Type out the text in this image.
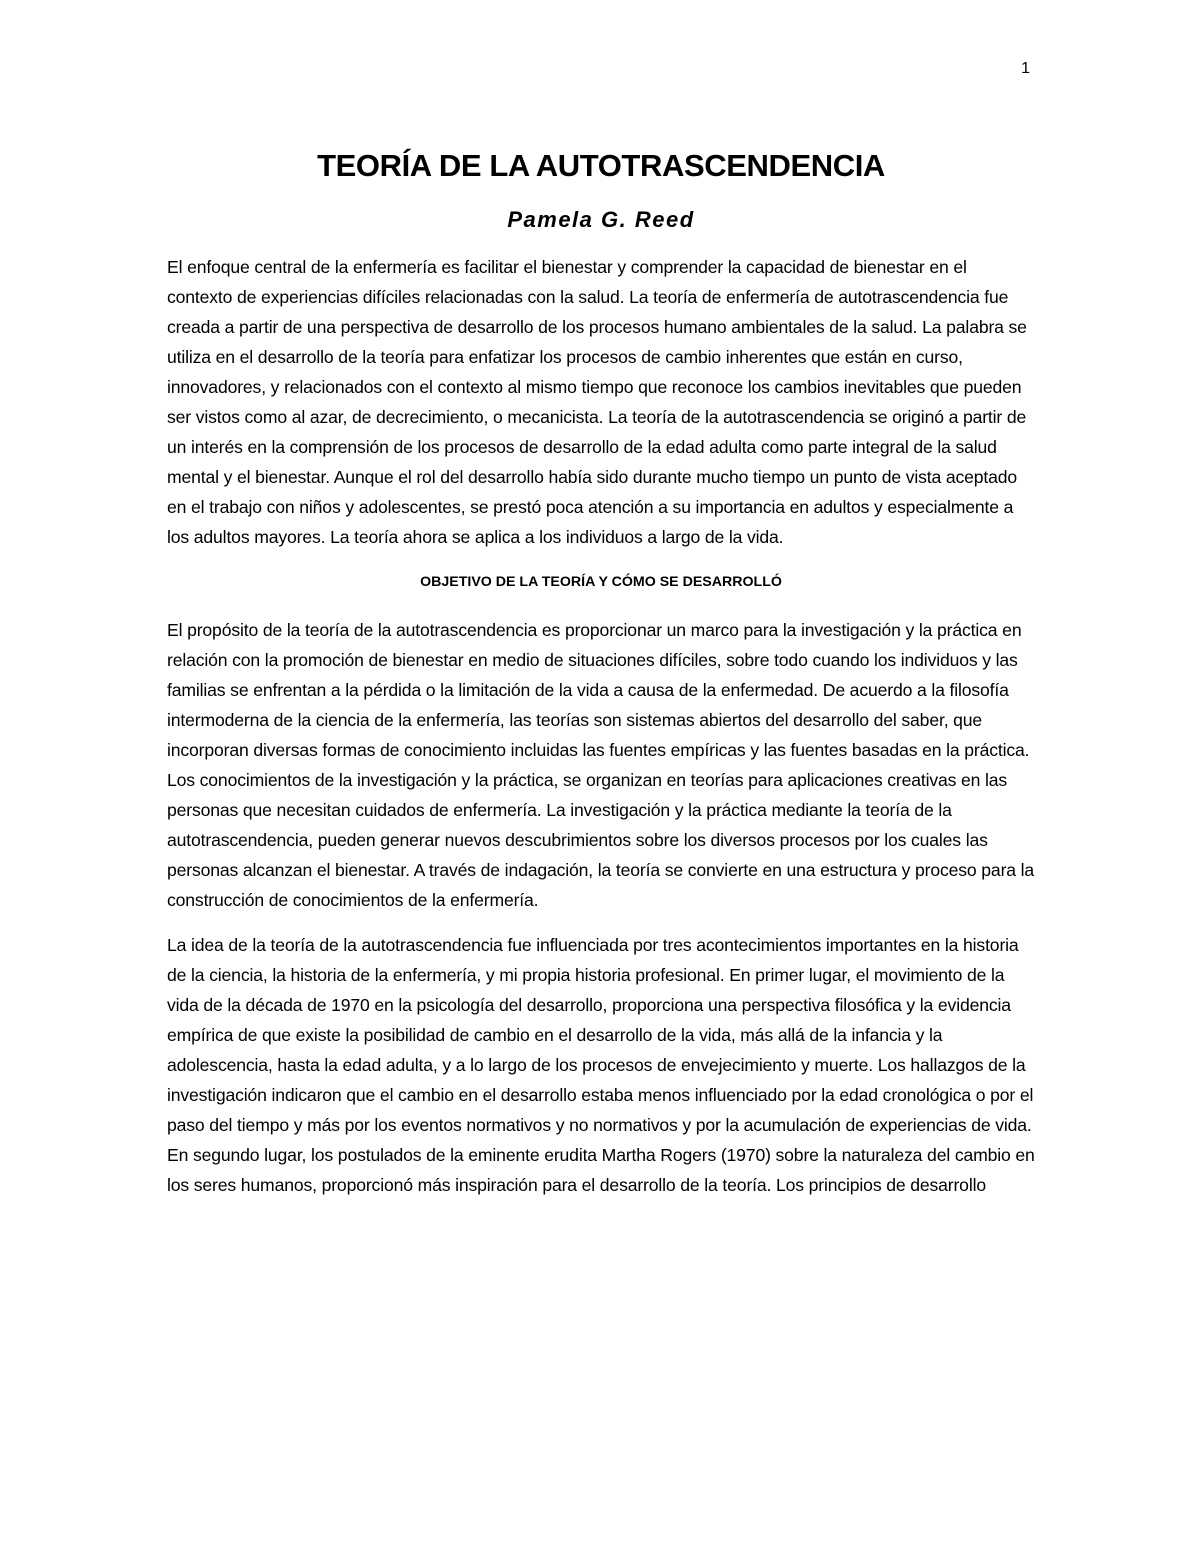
1
TEORÍA DE LA AUTOTRASCENDENCIA
Pamela G. Reed

El enfoque central de la enfermería es facilitar el bienestar y comprender la capacidad de bienestar en el contexto de experiencias difíciles relacionadas con la salud. La teoría de enfermería de autotrascendencia fue creada a partir de una perspectiva de desarrollo de los procesos humano ambientales de la salud. La palabra se utiliza en el desarrollo de la teoría para enfatizar los procesos de cambio inherentes que están en curso, innovadores, y relacionados con el contexto al mismo tiempo que reconoce los cambios inevitables que pueden ser vistos como al azar, de decrecimiento, o mecanicista. La teoría de la autotrascendencia se originó a partir de un interés en la comprensión de los procesos de desarrollo de la edad adulta como parte integral de la salud mental y el bienestar. Aunque el rol del desarrollo había sido durante mucho tiempo un punto de vista aceptado en el trabajo con niños y adolescentes, se prestó poca atención a su importancia en adultos y especialmente a los adultos mayores. La teoría ahora se aplica a los individuos a largo de la vida.

OBJETIVO DE LA TEORÍA Y CÓMO SE DESARROLLÓ

El propósito de la teoría de la autotrascendencia es proporcionar un marco para la investigación y la práctica en relación con la promoción de bienestar en medio de situaciones difíciles, sobre todo cuando los individuos y las familias se enfrentan a la pérdida o la limitación de la vida a causa de la enfermedad. De acuerdo a la filosofía intermoderna de la ciencia de la enfermería, las teorías son sistemas abiertos del desarrollo del saber, que incorporan diversas formas de conocimiento incluidas las fuentes empíricas y las fuentes basadas en la práctica. Los conocimientos de la investigación y la práctica, se organizan en teorías para aplicaciones creativas en las personas que necesitan cuidados de enfermería. La investigación y la práctica mediante la teoría de la autotrascendencia, pueden generar nuevos descubrimientos sobre los diversos procesos por los cuales las personas alcanzan el bienestar. A través de indagación, la teoría se convierte en una estructura y proceso para la construcción de conocimientos de la enfermería.

La idea de la teoría de la autotrascendencia fue influenciada por tres acontecimientos importantes en la historia de la ciencia, la historia de la enfermería, y mi propia historia profesional. En primer lugar, el movimiento de la vida de la década de 1970 en la psicología del desarrollo, proporciona una perspectiva filosófica y la evidencia empírica de que existe la posibilidad de cambio en el desarrollo de la vida, más allá de la infancia y la adolescencia, hasta la edad adulta, y a lo largo de los procesos de envejecimiento y muerte. Los hallazgos de la investigación indicaron que el cambio en el desarrollo estaba menos influenciado por la edad cronológica o por el paso del tiempo y más por los eventos normativos y no normativos y por la acumulación de experiencias de vida. En segundo lugar, los postulados de la eminente erudita Martha Rogers (1970) sobre la naturaleza del cambio en los seres humanos, proporcionó más inspiración para el desarrollo de la teoría. Los principios de desarrollo
